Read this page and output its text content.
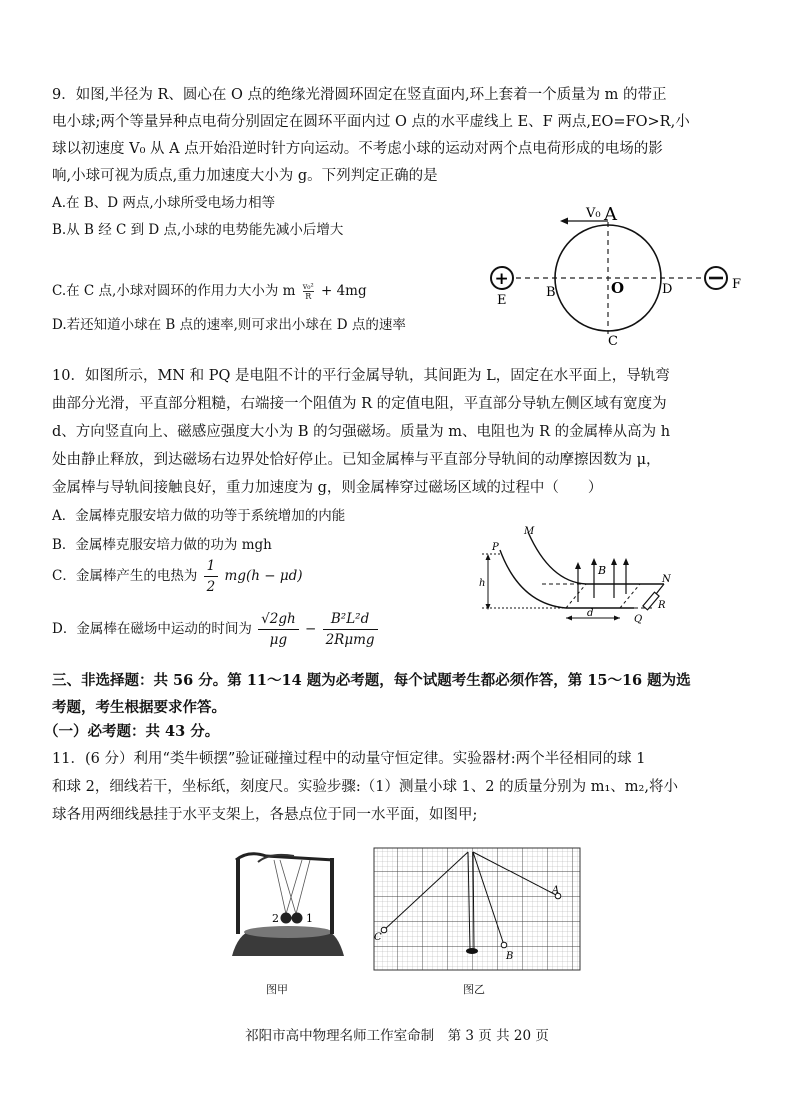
9．如图,半径为 R、圆心在 O 点的绝缘光滑圆环固定在竖直面内,环上套着一个质量为 m 的带正
电小球;两个等量异种点电荷分别固定在圆环平面内过 O 点的水平虚线上 E、F 两点,EO=FO>R,小
球以初速度 V₀ 从 A 点开始沿逆时针方向运动。不考虑小球的运动对两个点电荷形成的电场的影
响,小球可视为质点,重力加速度大小为 g。下列判定正确的是
A.在 B、D 两点,小球所受电场力相等
B.从 B 经 C 到 D 点,小球的电势能先减小后增大
C.在 C 点,小球对圆环的作用力大小为 m $\frac{\text{v₀²}}{R} + 4mg$
D.若还知道小球在 B 点的速率,则可求出小球在 D 点的速率
V₀ A
B	O	D
C
+
E
F
10．如图所示，MN 和 PQ 是电阻不计的平行金属导轨，其间距为 L，固定在水平面上，导轨弯
曲部分光滑，平直部分粗糙，右端接一个阻值为 R 的定值电阻，平直部分导轨左侧区域有宽度为
d、方向竖直向上、磁感应强度大小为 B 的匀强磁场。质量为 m、电阻也为 R 的金属棒从高为 h
处由静止释放，到达磁场右边界处恰好停止。已知金属棒与平直部分导轨间的动摩擦因数为 μ，
金属棒与导轨间接触良好，重力加速度为 g，则金属棒穿过磁场区域的过程中（　　）
A．金属棒克服安培力做的功等于系统增加的内能
B．金属棒克服安培力做的功为 mgh
C．金属棒产生的电热为 $\frac{1}{2} mg(h - \mu d)$
D．金属棒在磁场中运动的时间为 $\frac{√2gh}{\mu g} - \frac{\text{B²L²d}}{\text{2Rμmg}}$
B
R
N
Q
P
M
h
d
三、非选择题：共 56 分。第 11～14 题为必考题，每个试题考生都必须作答，第 15～16 题为选
考题，考生根据要求作答。
（一）必考题：共 43 分。
11．(6 分）利用“类牛顿摆”验证碰撞过程中的动量守恒定律。实验器材:两个半径相同的球 1
和球 2，细线若干，坐标纸，刻度尺。实验步骤:（1）测量小球 1、2 的质量分别为 m₁、m₂,将小
球各用两细线悬挂于水平支架上，各悬点位于同一水平面，如图甲;
2 1
图甲
A
B
C
图乙
祁阳市高中物理名师工作室命制　第 3 页 共 20 页
